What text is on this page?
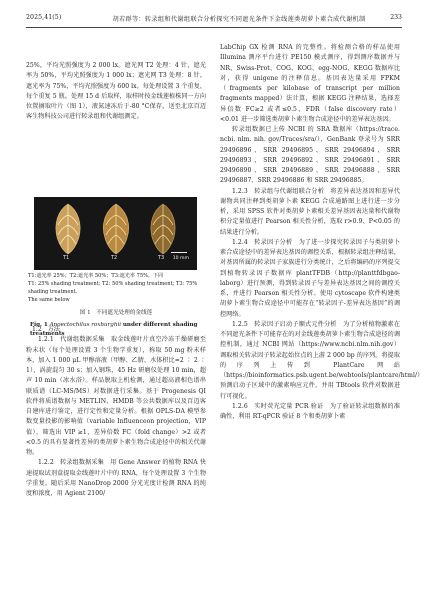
2025,41(5)	胡若群等：转录组和代谢组联合分析探究不同遮光条件下金线莲类胡萝卜素合成代谢机制	233

25%，平均光照强度为 2 000 lx。遮光网 T2 处理：4 针，遮光率为 50%，平均光照强度为 1 000 lx；遮光网 T3 处理：8 针，遮光率为 75%，平均光照强度为 600 lx。每处理设置 3 个重复，每个重复 5 瓶。处理 15 d 后取样，取样时按金线莲植株同一方向位置摘取叶片（图 1），液氮速冻后于-80 °C保存，送至北京百迈客生物科技公司进行转录组和代谢组测定。

T1	T2	T3 10 mm
T1:遮光率 25%；T2:遮光率 50%；T3:遮光率 75%。下同
T1: 25% shading treatment; T2: 50% shading treatment; T3: 75% shading treatment.
The same below
图 1　不同遮光处理的金线莲
Fig. 1 Anoectochilus roxburghii under different shading treatments
1.2　方法

1.2.1　代谢组数据采集　取金线莲叶片真空冷冻干燥研磨至粉末状（每个处理设置 3 个生物学重复），称取 50 mg 粉末样本，加入 1 000 μL 甲醇溶液（甲醇、乙腈、水体积比=2 ∶ 2 ∶ 1），涡旋混匀 30 s；加入钢珠，45 Hz 研磨仪处理 10 min，超声 10 min（冰水浴）。样品脱取上机检测，通过超高液相色谱串联质谱（LC-MS/MS）对数据进行采集。基于 Progenesis QI 软件将质谱数据与 METLIN、HMDB 等公共数据库以及百迈客自建库进行鉴定，进行定性和定量分析。根据 OPLS-DA 模型参数变量投影的影响值（variable Influenceon projection，VIP 值），筛选出 VIP ≥1，差异倍数 FC（fold change）>2 或者<0.5 的具有显著性差异的类胡萝卜素生物合成途径中的相关代谢物。

1.2.2　转录组数据采集　用 Gene Answer 的植物 RNA 快速提取试剂盒提取金线莲叶片中的 RNA，每个处理设置 3 个生物学重复。随后采用 NanoDrop 2000 分光光度计检测 RNA 的纯度和浓度，用 Agient 2100/

LabChip GX 检测 RNA 的完整性。将检测合格的样品使用 Illumina 测序平台进行 PE150 模式测序，得到测序数据并与 NR、Swiss-Prot、COG、KOG、egg-NOG、KEGG 数据库比对，获得 unigene 的注释信息。基因表达量采用 FPKM（fragments per kilobase of transcript per million fragments mapped）法计算，根据 KEGG 注释结果，选择差异倍数 FC≥2 或者≤0.5、FDR（false discovery rate）<0.01 进一步筛选类胡萝卜素生物合成途径中的差异表达基因。

转录组数据已上传 NCBI 的 SRA 数据库（https://trace. ncbi. nlm. nih. gov/Traces/sra/），GenBank 登录号为 SRR 29496896、SRR 29496895、SRR 29496894、SRR 29496893、SRR 29496892、SRR 29496891、SRR 29496890、SRR 29496889、SRR 29496888、SRR 29496887、SRR 29496886 和 SRR 29496885。

1.2.3　转录组与代谢组联合分析　将差异表达基因和差异代谢物共同注释到类胡萝卜素 KEGG 合成通路图上进行进一步分析，采用 SPSS 软件对类胡萝卜素相关差异基因表达量和代谢物积分定量值进行 Pearson 相关性分析，选取 r>0.9、P<0.05 的结果进行分析。

1.2.4　转录因子分析　为了进一步探究转录因子与类胡萝卜素合成途径中的差异表达基因的调控关系，根据转录组注释结果，对基因所属的转录因子家族进行分类统计，之后将编码的序列提交到植物转录因子数据库 plantTFDB（http://planttfdbgao-laborg）进行预测，得到转录因子与差异表达基因之间的调控关系，并进行 Pearson 相关性分析。使用 cytoscape 软件构建类胡萝卜素生物合成途径中可能存在“转录因子-差异表达基因”的调控网络。

1.2.5　转录因子启动子顺式元件分析　为了分析植物激素在不同遮光条件下可能存在的对金线莲类胡萝卜素生物合成途径的调控机制，通过 NCBI 网站（https://www.ncbi.nlm.nih.gov）调取相关转录因子转录起始位点的上游 2 000 bp 的序列。将提取的序列上传到 PlantCare 网站（https://bioinformatics.psb.ugent.be/webtools/plantcare/html/）预测启动子区域中的激素响应元件，并用 TBtools 软件对数据进行可视化。

1.2.6　实时荧光定量 PCR 验证　为了验证转录组数据的准确性，利用 RT-qPCR 验证 8 个和类胡萝卜素
